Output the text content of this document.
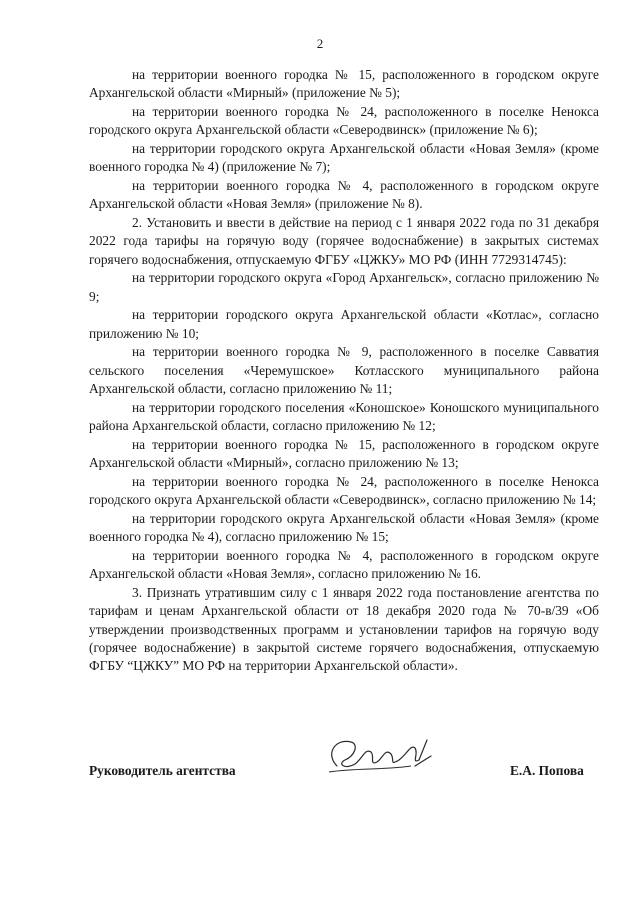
2

на территории военного городка № 15, расположенного в городском округе Архангельской области «Мирный» (приложение № 5);

на территории военного городка № 24, расположенного в поселке Ненокса городского округа Архангельской области «Северодвинск» (приложение № 6);

на территории городского округа Архангельской области «Новая Земля» (кроме военного городка № 4) (приложение № 7);

на территории военного городка № 4, расположенного в городском округе Архангельской области «Новая Земля» (приложение № 8).

2. Установить и ввести в действие на период с 1 января 2022 года по 31 декабря 2022 года тарифы на горячую воду (горячее водоснабжение) в закрытых системах горячего водоснабжения, отпускаемую ФГБУ «ЦЖКУ» МО РФ (ИНН 7729314745):

на территории городского округа «Город Архангельск», согласно приложению № 9;

на территории городского округа Архангельской области «Котлас», согласно приложению № 10;

на территории военного городка № 9, расположенного в поселке Савватия сельского поселения «Черемушское» Котласского муниципального района Архангельской области, согласно приложению № 11;

на территории городского поселения «Коношское» Коношского муниципального района Архангельской области, согласно приложению № 12;

на территории военного городка № 15, расположенного в городском округе Архангельской области «Мирный», согласно приложению № 13;

на территории военного городка № 24, расположенного в поселке Ненокса городского округа Архангельской области «Северодвинск», согласно приложению № 14;

на территории городского округа Архангельской области «Новая Земля» (кроме военного городка № 4), согласно приложению № 15;

на территории военного городка № 4, расположенного в городском округе Архангельской области «Новая Земля», согласно приложению № 16.

3. Признать утратившим силу с 1 января 2022 года постановление агентства по тарифам и ценам Архангельской области от 18 декабря 2020 года № 70-в/39 «Об утверждении производственных программ и установлении тарифов на горячую воду (горячее водоснабжение) в закрытой системе горячего водоснабжения, отпускаемую ФГБУ “ЦЖКУ” МО РФ на территории Архангельской области».

Руководитель агентства	Е.А. Попова
